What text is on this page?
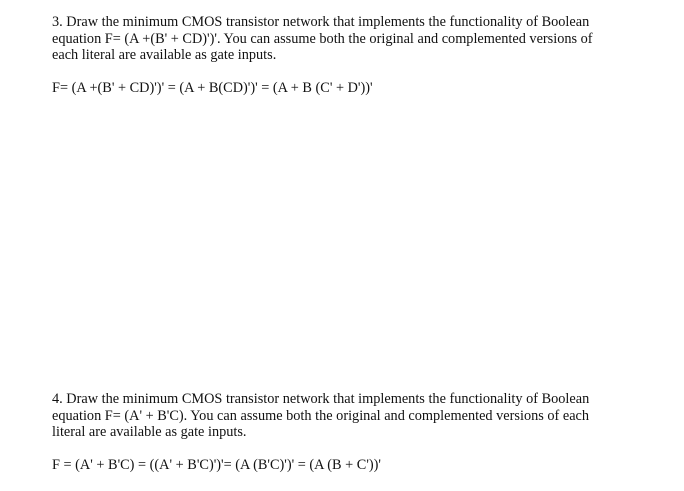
3. Draw the minimum CMOS transistor network that implements the functionality of Boolean
equation F= (A +(B' + CD)')'. You can assume both the original and complemented versions of
each literal are available as gate inputs.

F= (A +(B' + CD)')' = (A + B(CD)')' = (A + B (C' + D'))'

4. Draw the minimum CMOS transistor network that implements the functionality of Boolean
equation F= (A' + B'C). You can assume both the original and complemented versions of each
literal are available as gate inputs.

F = (A' + B'C) = ((A' + B'C)')'= (A (B'C)')' = (A (B + C'))'
